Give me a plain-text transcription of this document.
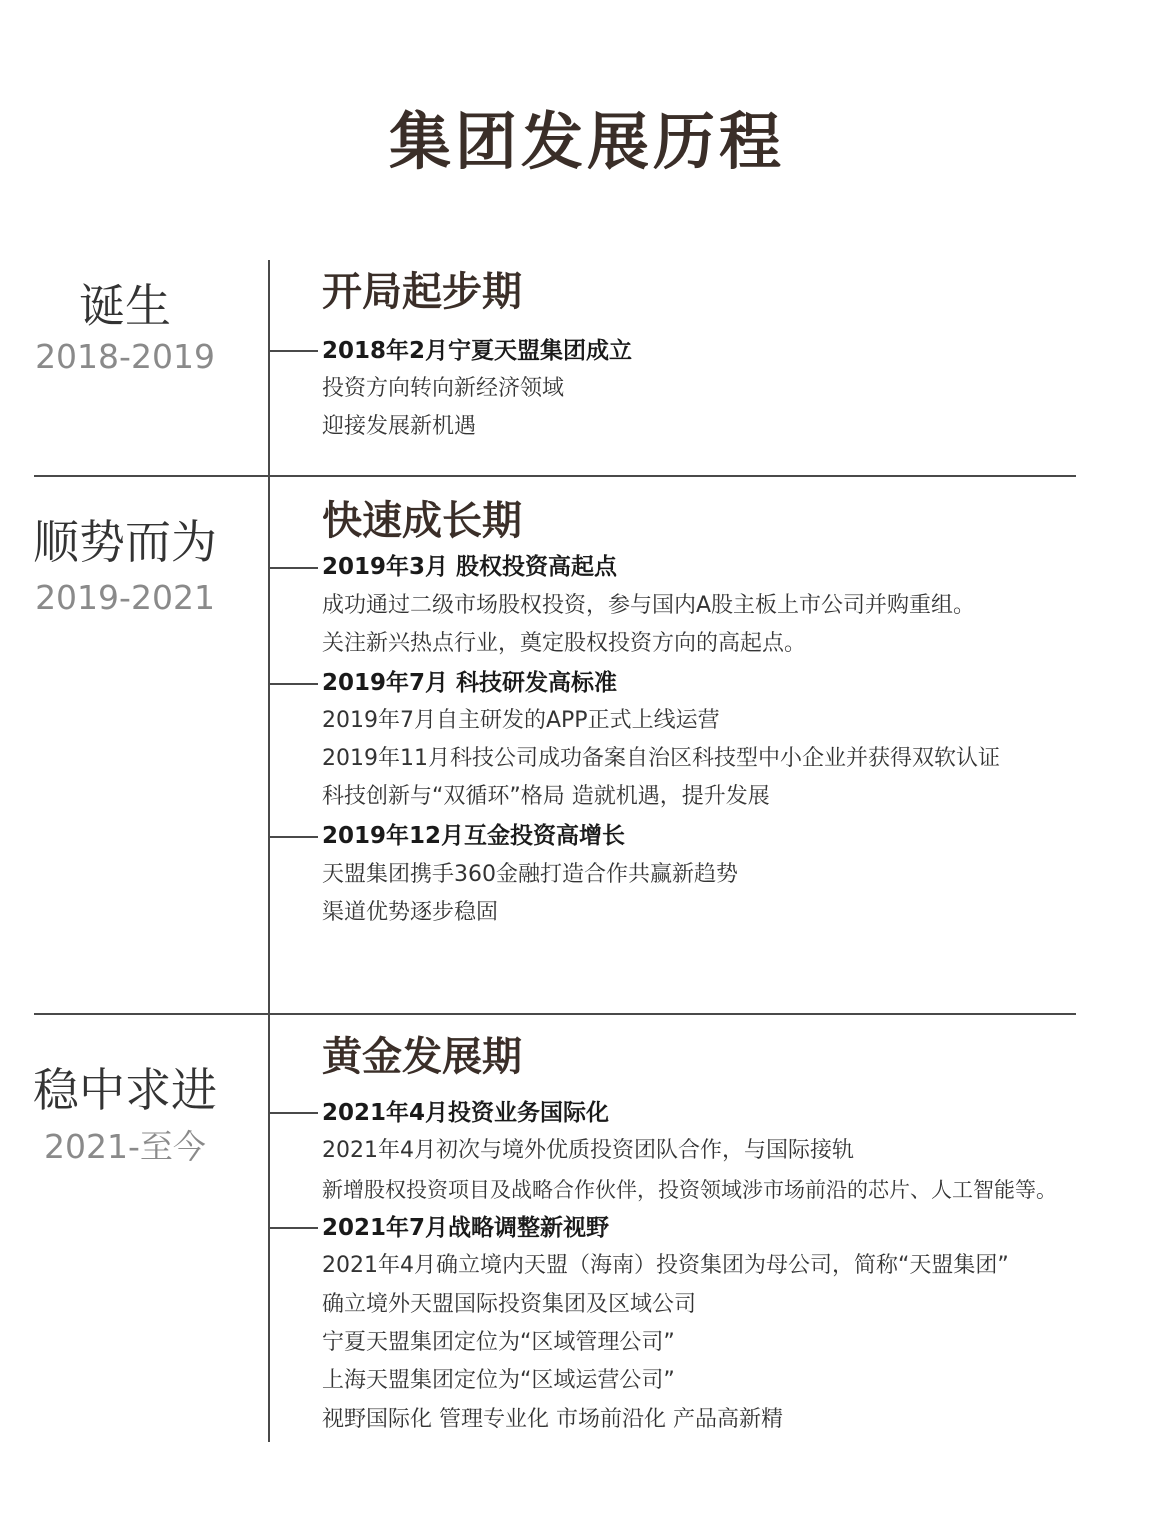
集团发展历程
诞生
2018-2019
开局起步期
2018年2月宁夏天盟集团成立
投资方向转向新经济领域
迎接发展新机遇
顺势而为
2019-2021
快速成长期
2019年3月 股权投资高起点
成功通过二级市场股权投资，参与国内A股主板上市公司并购重组。
关注新兴热点行业，奠定股权投资方向的高起点。
2019年7月 科技研发高标准
2019年7月自主研发的APP正式上线运营
2019年11月科技公司成功备案自治区科技型中小企业并获得双软认证
科技创新与“双循环”格局 造就机遇，提升发展
2019年12月互金投资高增长
天盟集团携手360金融打造合作共赢新趋势
渠道优势逐步稳固
稳中求进
2021-至今
黄金发展期
2021年4月投资业务国际化
2021年4月初次与境外优质投资团队合作，与国际接轨
新增股权投资项目及战略合作伙伴，投资领域涉市场前沿的芯片、人工智能等。
2021年7月战略调整新视野
2021年4月确立境内天盟（海南）投资集团为母公司，简称“天盟集团”
确立境外天盟国际投资集团及区域公司
宁夏天盟集团定位为“区域管理公司”
上海天盟集团定位为“区域运营公司”
视野国际化 管理专业化 市场前沿化 产品高新精
